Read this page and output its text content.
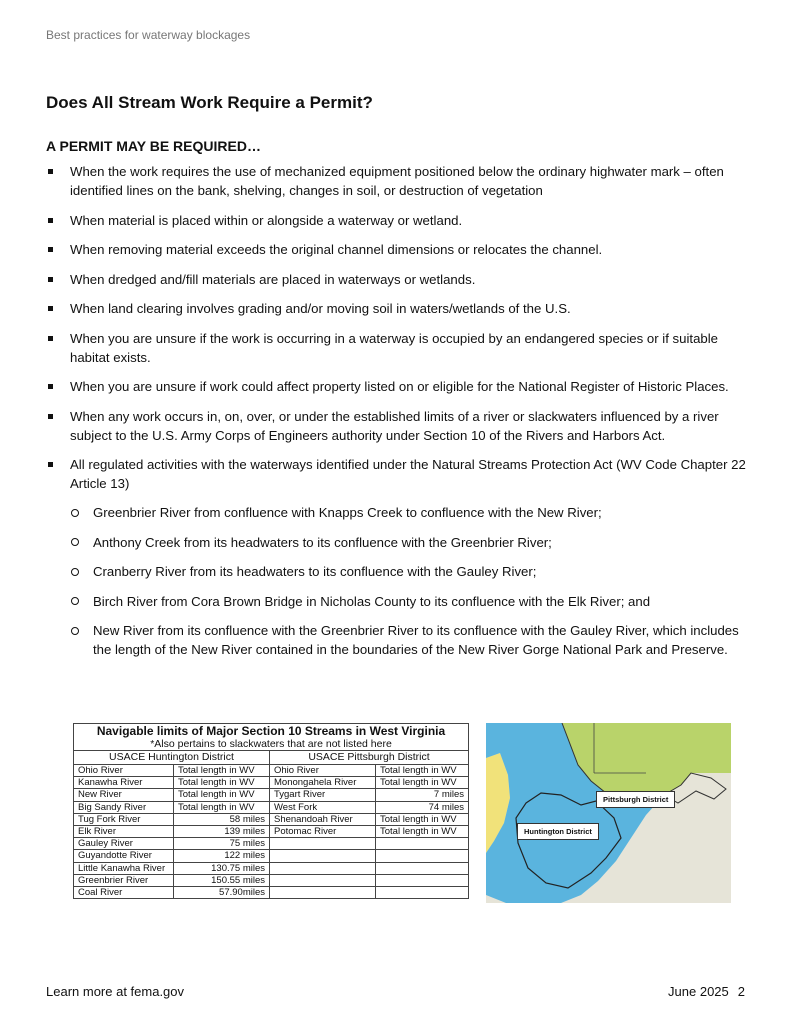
Best practices for waterway blockages
Does All Stream Work Require a Permit?
A PERMIT MAY BE REQUIRED…
When the work requires the use of mechanized equipment positioned below the ordinary highwater mark – often identified lines on the bank, shelving, changes in soil, or destruction of vegetation
When material is placed within or alongside a waterway or wetland.
When removing material exceeds the original channel dimensions or relocates the channel.
When dredged and/fill materials are placed in waterways or wetlands.
When land clearing involves grading and/or moving soil in waters/wetlands of the U.S.
When you are unsure if the work is occurring in a waterway is occupied by an endangered species or if suitable habitat exists.
When you are unsure if work could affect property listed on or eligible for the National Register of Historic Places.
When any work occurs in, on, over, or under the established limits of a river or slackwaters influenced by a river subject to the U.S. Army Corps of Engineers authority under Section 10 of the Rivers and Harbors Act.
All regulated activities with the waterways identified under the Natural Streams Protection Act (WV Code Chapter 22 Article 13)
Greenbrier River from confluence with Knapps Creek to confluence with the New River;
Anthony Creek from its headwaters to its confluence with the Greenbrier River;
Cranberry River from its headwaters to its confluence with the Gauley River;
Birch River from Cora Brown Bridge in Nicholas County to its confluence with the Elk River; and
New River from its confluence with the Greenbrier River to its confluence with the Gauley River, which includes the length of the New River contained in the boundaries of the New River Gorge National Park and Preserve.
Navigable limits of Major Section 10 Streams in West Virginia			
*Also pertains to slackwaters that are not listed here			
USACE Huntington District		USACE Pittsburgh District	
Ohio River	Total length in WV	Ohio River	Total length in WV
Kanawha River	Total length in WV	Monongahela River	Total length in WV
New River	Total length in WV	Tygart River	7 miles
Big Sandy River	Total length in WV	West Fork	74 miles
Tug Fork River	58 miles	Shenandoah River	Total length in WV
Elk River	139 miles	Potomac River	Total length in WV
Gauley River	75 miles		
Guyandotte River	122 miles		
Little Kanawha River	130.75 miles		
Greenbrier River	150.55 miles		
Coal River	57.90miles		
Pittsburgh District
Huntington District
Learn more at fema.gov	June 2025 2
